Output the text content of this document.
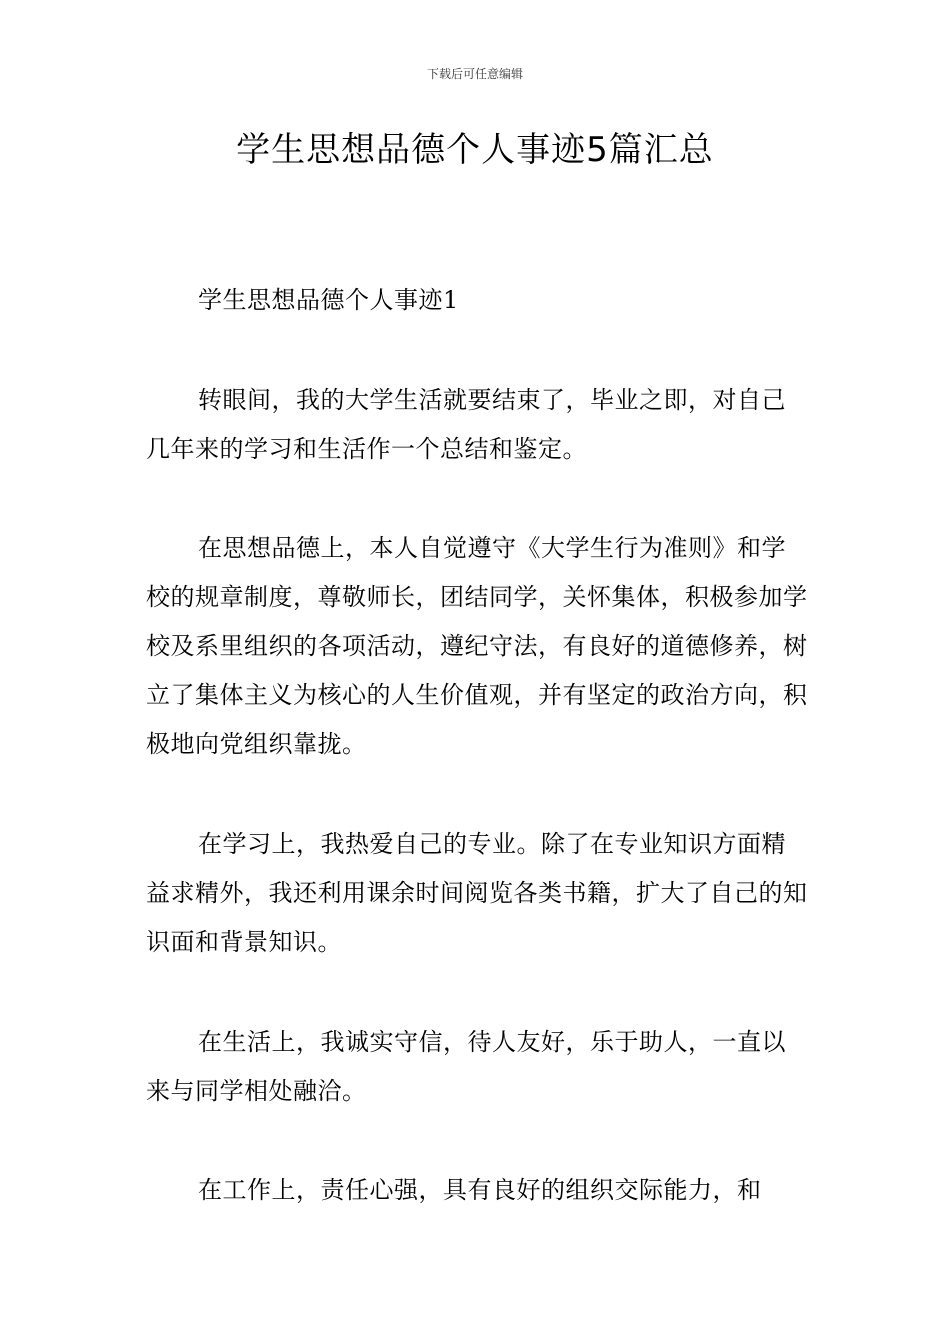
下载后可任意编辑
学生思想品德个人事迹5篇汇总

学生思想品德个人事迹1

转眼间，我的大学生活就要结束了，毕业之即，对自己几年来的学习和生活作一个总结和鉴定。

在思想品德上，本人自觉遵守《大学生行为准则》和学校的规章制度，尊敬师长，团结同学，关怀集体，积极参加学校及系里组织的各项活动，遵纪守法，有良好的道德修养，树立了集体主义为核心的人生价值观，并有坚定的政治方向，积极地向党组织靠拢。

在学习上，我热爱自己的专业。除了在专业知识方面精益求精外，我还利用课余时间阅览各类书籍，扩大了自己的知识面和背景知识。

在生活上，我诚实守信，待人友好，乐于助人，一直以来与同学相处融洽。

在工作上，责任心强，具有良好的组织交际能力，和
